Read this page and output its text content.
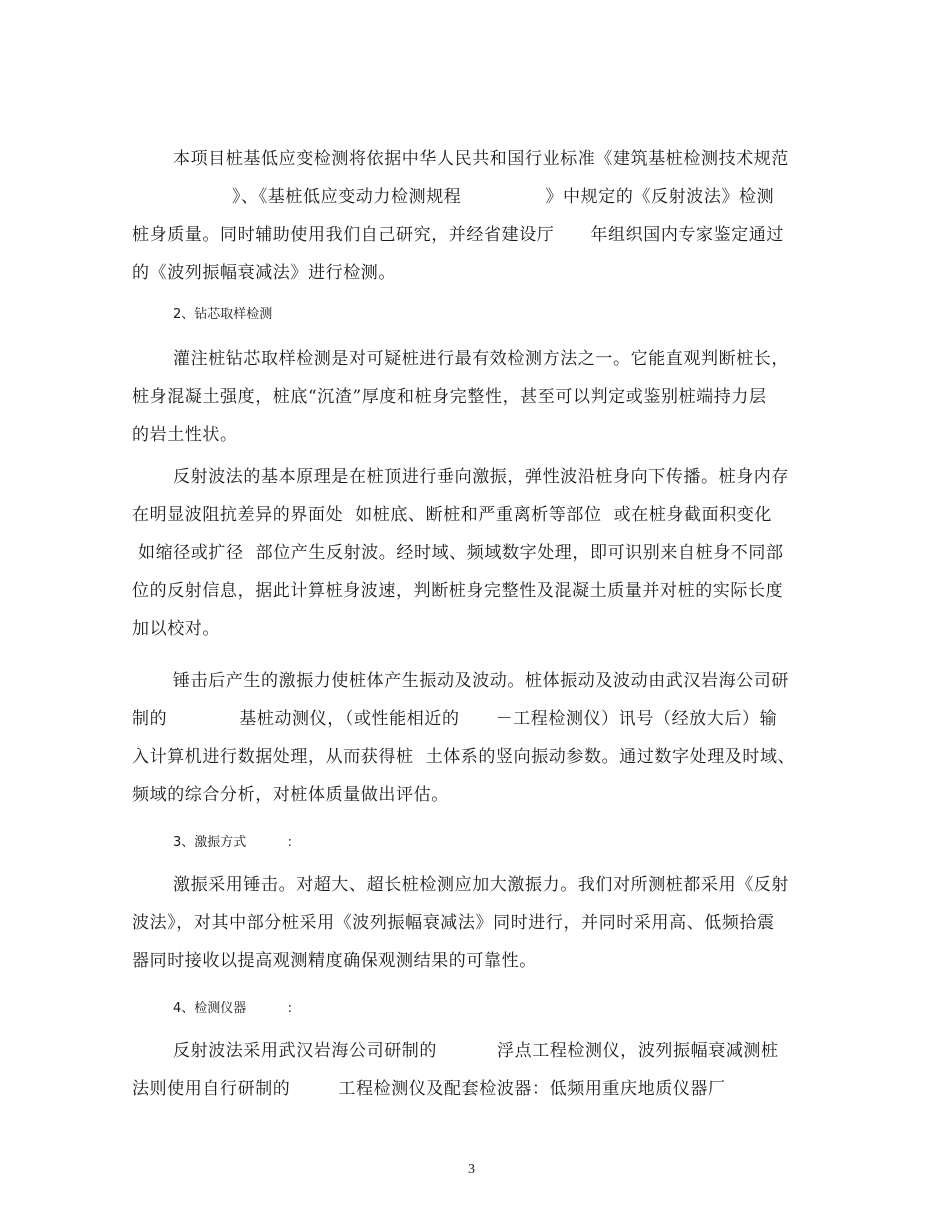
本项目桩基低应变检测将依据中华人民共和国行业标准《建筑基桩检测技术规范
》、《基桩低应变动力检测规程              》中规定的《反射波法》检测
桩身质量。同时辅助使用我们自己研究，并经省建设厅      年组织国内专家鉴定通过
的《波列振幅衰减法》进行检测。
2、钻芯取样检测
灌注桩钻芯取样检测是对可疑桩进行最有效检测方法之一。它能直观判断桩长，
桩身混凝土强度，桩底“沉渣”厚度和桩身完整性，甚至可以判定或鉴别桩端持力层
的岩土性状。
反射波法的基本原理是在桩顶进行垂向激振，弹性波沿桩身向下传播。桩身内存
在明显波阻抗差异的界面处  如桩底、断桩和严重离析等部位  或在桩身截面积变化
如缩径或扩径  部位产生反射波。经时域、频域数字处理，即可识别来自桩身不同部
位的反射信息，据此计算桩身波速，判断桩身完整性及混凝土质量并对桩的实际长度
加以校对。
锤击后产生的激振力使桩体产生振动及波动。桩体振动及波动由武汉岩海公司研
制的            基桩动测仪，（或性能相近的      －工程检测仪）讯号（经放大后）输
入计算机进行数据处理，从而获得桩  土体系的竖向振动参数。通过数字处理及时域、
频域的综合分析，对桩体质量做出评估。
3、激振方式          :
激振采用锤击。对超大、超长桩检测应加大激振力。我们对所测桩都采用《反射
波法》，对其中部分桩采用《波列振幅衰减法》同时进行，并同时采用高、低频拾震
器同时接收以提高观测精度确保观测结果的可靠性。
4、检测仪器          :
反射波法采用武汉岩海公司研制的          浮点工程检测仪，波列振幅衰减测桩
法则使用自行研制的        工程检测仪及配套检波器：低频用重庆地质仪器厂
3
